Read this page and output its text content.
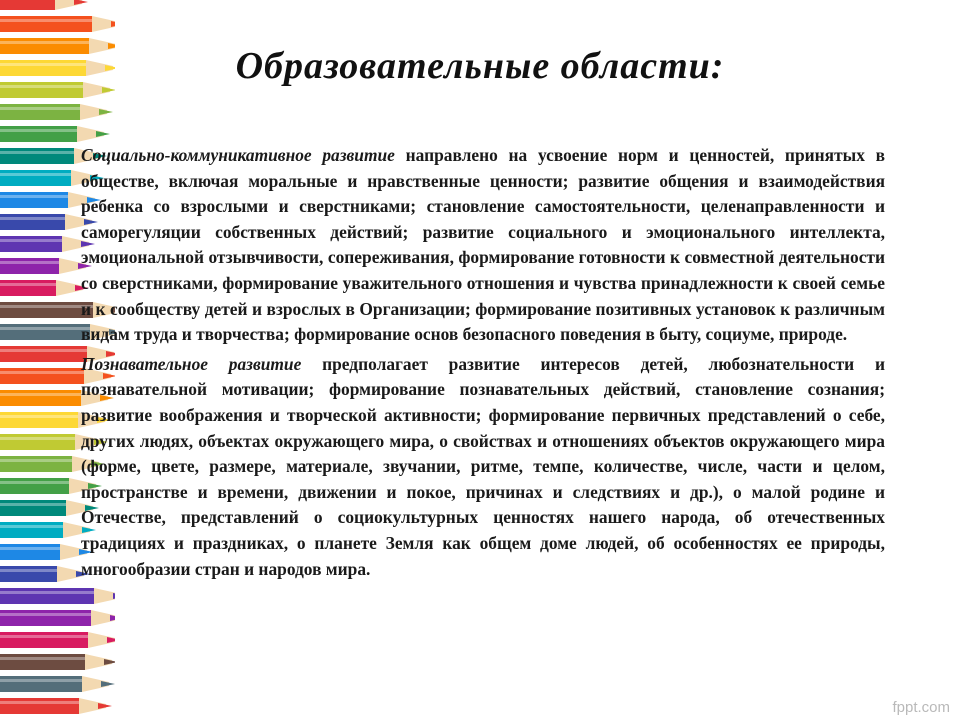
Образовательные области:

Социально-коммуникативное развитие направлено на усвоение норм и ценностей, принятых в обществе, включая моральные и нравственные ценности; развитие общения и взаимодействия ребенка со взрослыми и сверстниками; становление самостоятельности, целенаправленности и саморегуляции собственных действий; развитие социального и эмоционального интеллекта, эмоциональной отзывчивости, сопереживания, формирование готовности к совместной деятельности со сверстниками, формирование уважительного отношения и чувства принадлежности к своей семье и к сообществу детей и взрослых в Организации; формирование позитивных установок к различным видам труда и творчества; формирование основ безопасного поведения в быту, социуме, природе.

Познавательное развитие предполагает развитие интересов детей, любознательности и познавательной мотивации; формирование познавательных действий, становление сознания; развитие воображения и творческой активности; формирование первичных представлений о себе, других людях, объектах окружающего мира, о свойствах и отношениях объектов окружающего мира (форме, цвете, размере, материале, звучании, ритме, темпе, количестве, числе, части и целом, пространстве и времени, движении и покое, причинах и следствиях и др.), о малой родине и Отечестве, представлений о социокультурных ценностях нашего народа, об отечественных традициях и праздниках, о планете Земля как общем доме людей, об особенностях ее природы, многообразии стран и народов мира.

fppt.com
